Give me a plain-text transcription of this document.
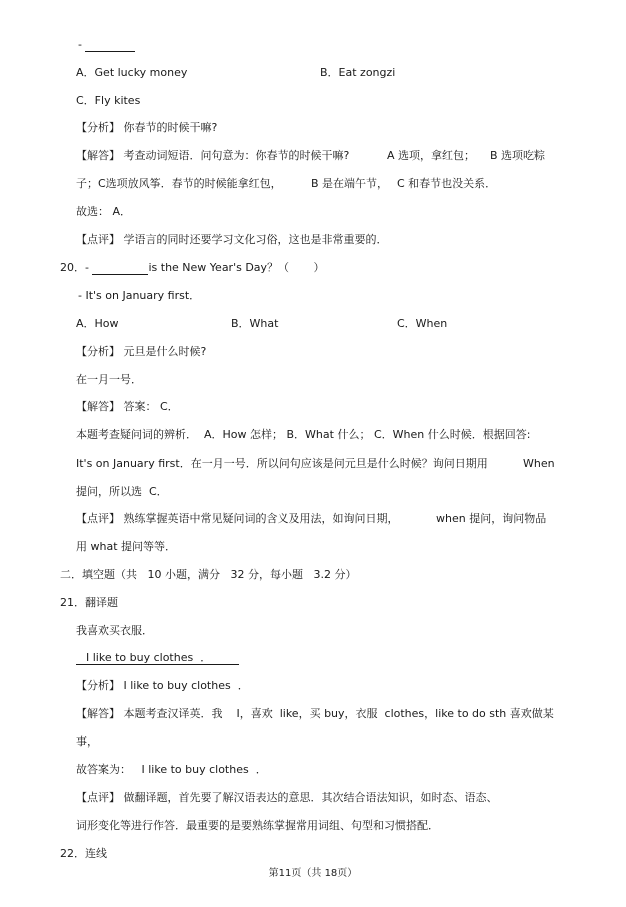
-
A．Get lucky money	B．Eat zongzi
C．Fly kites
【分析】 你春节的时候干嘛?
【解答】 考查动词短语．问句意为：你春节的时候干嘛?	A 选项，拿红包； B 选项吃粽
子；C选项放风筝．春节的时候能拿红包，	B 是在端午节， C 和春节也没关系．
故选： A．
【点评】 学语言的同时还要学习文化习俗，这也是非常重要的．
20．-	is the New Year's Day？（       ）
- It's on January first．
A．How	B．What	C．When
【分析】 元旦是什么时候?
在一月一号．
【解答】 答案： C．
本题考查疑问词的辨析．  A．How 怎样； B．What 什么； C．When 什么时候．根据回答:
It's on January first．在一月一号．所以问句应该是问元旦是什么时候？询问日期用	When
提问，所以选  C．
【点评】 熟练掌握英语中常见疑问词的含义及用法，如询问日期，	when 提问，询问物品
用 what 提问等等．
二．填空题（共   10 小题，满分   32 分，每小题   3.2 分）
21．翻译题
我喜欢买衣服．
I like to buy clothes  ．
【分析】 I like to buy clothes  ．
【解答】 本题考查汉译英．我    I，喜欢  like，买 buy，衣服  clothes，like to do sth 喜欢做某
事，
故答案为：   I like to buy clothes  ．
【点评】 做翻译题，首先要了解汉语表达的意思．其次结合语法知识，如时态、语态、
词形变化等进行作答．最重要的是要熟练掌握常用词组、句型和习惯搭配．
22．连线
第11页（共 18页）
